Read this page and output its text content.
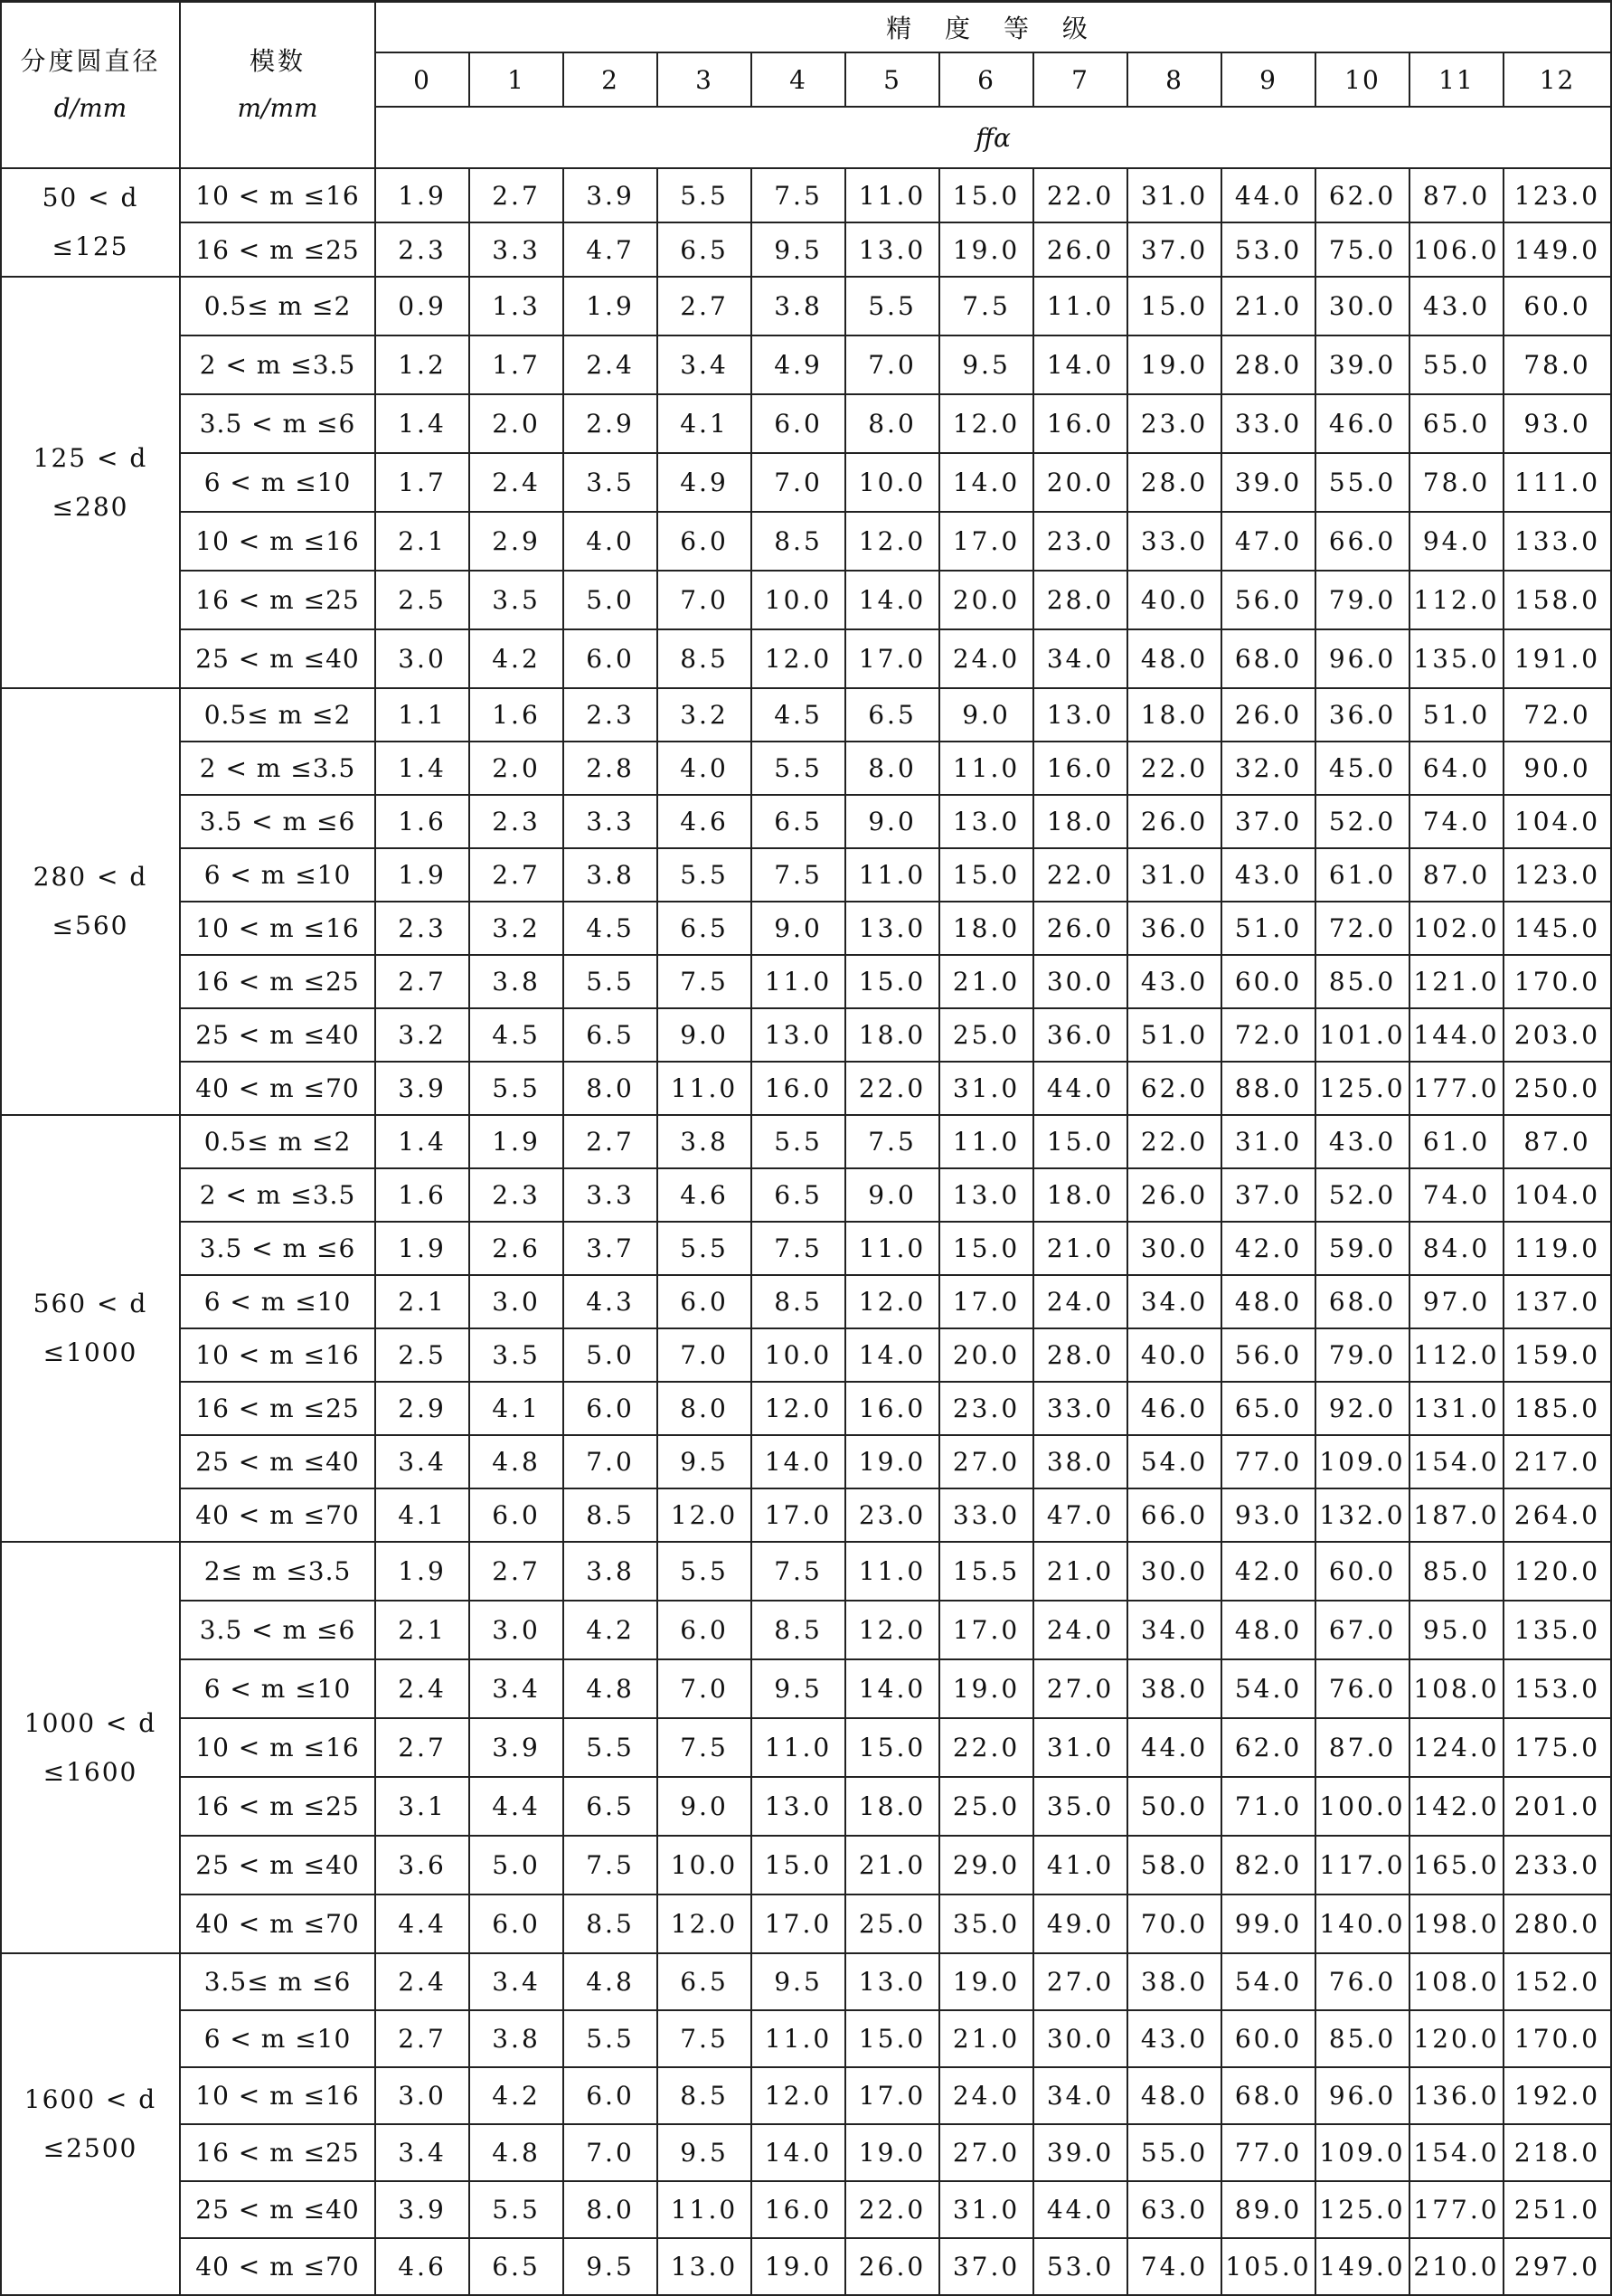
分度圆直径
d/mm	模数
m/mm	精 度 等 级												
		0	1	2	3	4	5	6	7	8	9	10	11	12
		ffα												
50 < d ≤125	10 < m ≤16	1.9	2.7	3.9	5.5	7.5	11.0	15.0	22.0	31.0	44.0	62.0	87.0	123.0
	16 < m ≤25	2.3	3.3	4.7	6.5	9.5	13.0	19.0	26.0	37.0	53.0	75.0	106.0	149.0
125 < d ≤280	0.5≤ m ≤2	0.9	1.3	1.9	2.7	3.8	5.5	7.5	11.0	15.0	21.0	30.0	43.0	60.0
	2 < m ≤3.5	1.2	1.7	2.4	3.4	4.9	7.0	9.5	14.0	19.0	28.0	39.0	55.0	78.0
	3.5 < m ≤6	1.4	2.0	2.9	4.1	6.0	8.0	12.0	16.0	23.0	33.0	46.0	65.0	93.0
	6 < m ≤10	1.7	2.4	3.5	4.9	7.0	10.0	14.0	20.0	28.0	39.0	55.0	78.0	111.0
	10 < m ≤16	2.1	2.9	4.0	6.0	8.5	12.0	17.0	23.0	33.0	47.0	66.0	94.0	133.0
	16 < m ≤25	2.5	3.5	5.0	7.0	10.0	14.0	20.0	28.0	40.0	56.0	79.0	112.0	158.0
	25 < m ≤40	3.0	4.2	6.0	8.5	12.0	17.0	24.0	34.0	48.0	68.0	96.0	135.0	191.0
280 < d ≤560	0.5≤ m ≤2	1.1	1.6	2.3	3.2	4.5	6.5	9.0	13.0	18.0	26.0	36.0	51.0	72.0
	2 < m ≤3.5	1.4	2.0	2.8	4.0	5.5	8.0	11.0	16.0	22.0	32.0	45.0	64.0	90.0
	3.5 < m ≤6	1.6	2.3	3.3	4.6	6.5	9.0	13.0	18.0	26.0	37.0	52.0	74.0	104.0
	6 < m ≤10	1.9	2.7	3.8	5.5	7.5	11.0	15.0	22.0	31.0	43.0	61.0	87.0	123.0
	10 < m ≤16	2.3	3.2	4.5	6.5	9.0	13.0	18.0	26.0	36.0	51.0	72.0	102.0	145.0
	16 < m ≤25	2.7	3.8	5.5	7.5	11.0	15.0	21.0	30.0	43.0	60.0	85.0	121.0	170.0
	25 < m ≤40	3.2	4.5	6.5	9.0	13.0	18.0	25.0	36.0	51.0	72.0	101.0	144.0	203.0
	40 < m ≤70	3.9	5.5	8.0	11.0	16.0	22.0	31.0	44.0	62.0	88.0	125.0	177.0	250.0
560 < d ≤1000	0.5≤ m ≤2	1.4	1.9	2.7	3.8	5.5	7.5	11.0	15.0	22.0	31.0	43.0	61.0	87.0
	2 < m ≤3.5	1.6	2.3	3.3	4.6	6.5	9.0	13.0	18.0	26.0	37.0	52.0	74.0	104.0
	3.5 < m ≤6	1.9	2.6	3.7	5.5	7.5	11.0	15.0	21.0	30.0	42.0	59.0	84.0	119.0
	6 < m ≤10	2.1	3.0	4.3	6.0	8.5	12.0	17.0	24.0	34.0	48.0	68.0	97.0	137.0
	10 < m ≤16	2.5	3.5	5.0	7.0	10.0	14.0	20.0	28.0	40.0	56.0	79.0	112.0	159.0
	16 < m ≤25	2.9	4.1	6.0	8.0	12.0	16.0	23.0	33.0	46.0	65.0	92.0	131.0	185.0
	25 < m ≤40	3.4	4.8	7.0	9.5	14.0	19.0	27.0	38.0	54.0	77.0	109.0	154.0	217.0
	40 < m ≤70	4.1	6.0	8.5	12.0	17.0	23.0	33.0	47.0	66.0	93.0	132.0	187.0	264.0
1000 < d ≤1600	2≤ m ≤3.5	1.9	2.7	3.8	5.5	7.5	11.0	15.5	21.0	30.0	42.0	60.0	85.0	120.0
	3.5 < m ≤6	2.1	3.0	4.2	6.0	8.5	12.0	17.0	24.0	34.0	48.0	67.0	95.0	135.0
	6 < m ≤10	2.4	3.4	4.8	7.0	9.5	14.0	19.0	27.0	38.0	54.0	76.0	108.0	153.0
	10 < m ≤16	2.7	3.9	5.5	7.5	11.0	15.0	22.0	31.0	44.0	62.0	87.0	124.0	175.0
	16 < m ≤25	3.1	4.4	6.5	9.0	13.0	18.0	25.0	35.0	50.0	71.0	100.0	142.0	201.0
	25 < m ≤40	3.6	5.0	7.5	10.0	15.0	21.0	29.0	41.0	58.0	82.0	117.0	165.0	233.0
	40 < m ≤70	4.4	6.0	8.5	12.0	17.0	25.0	35.0	49.0	70.0	99.0	140.0	198.0	280.0
1600 < d ≤2500	3.5≤ m ≤6	2.4	3.4	4.8	6.5	9.5	13.0	19.0	27.0	38.0	54.0	76.0	108.0	152.0
	6 < m ≤10	2.7	3.8	5.5	7.5	11.0	15.0	21.0	30.0	43.0	60.0	85.0	120.0	170.0
	10 < m ≤16	3.0	4.2	6.0	8.5	12.0	17.0	24.0	34.0	48.0	68.0	96.0	136.0	192.0
	16 < m ≤25	3.4	4.8	7.0	9.5	14.0	19.0	27.0	39.0	55.0	77.0	109.0	154.0	218.0
	25 < m ≤40	3.9	5.5	8.0	11.0	16.0	22.0	31.0	44.0	63.0	89.0	125.0	177.0	251.0
	40 < m ≤70	4.6	6.5	9.5	13.0	19.0	26.0	37.0	53.0	74.0	105.0	149.0	210.0	297.0
